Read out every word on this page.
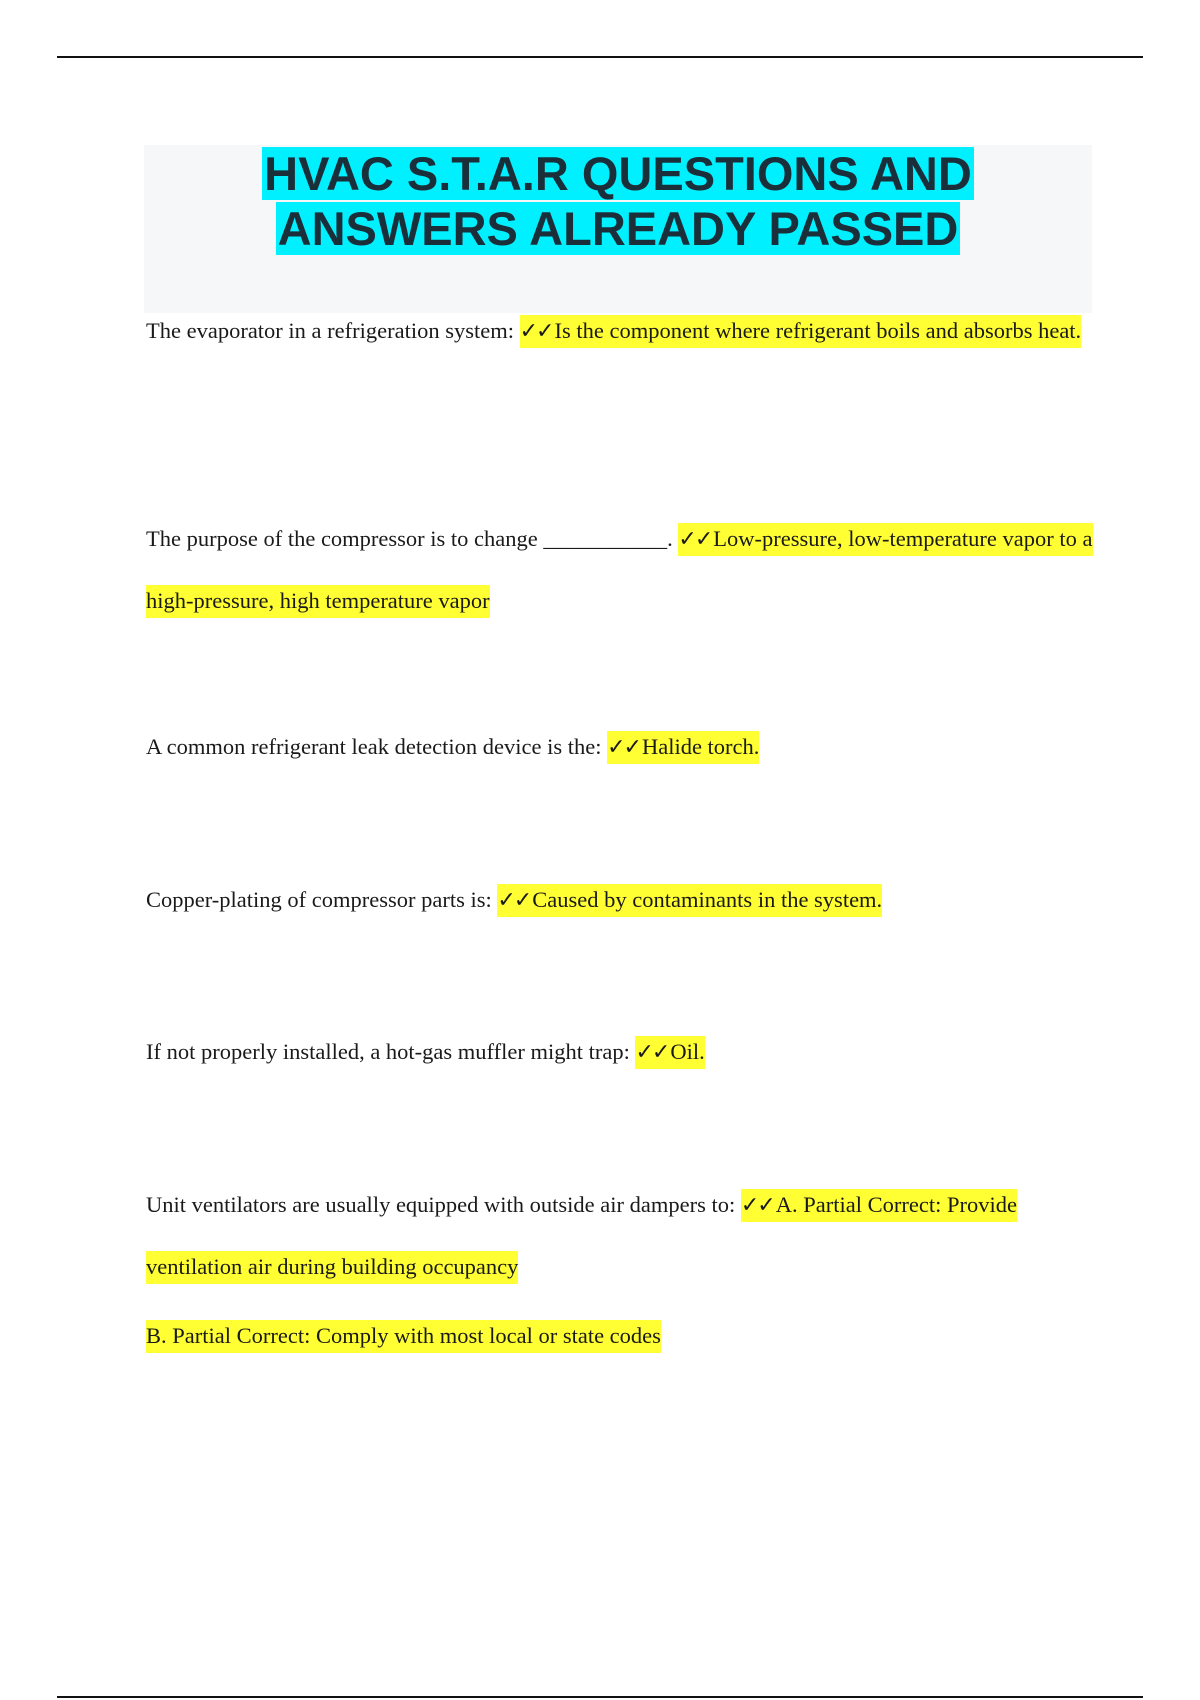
HVAC S.T.A.R QUESTIONS AND
ANSWERS ALREADY PASSED

The evaporator in a refrigeration system: ✓✓Is the component where refrigerant boils and absorbs heat.

The purpose of the compressor is to change ___________. ✓✓Low-pressure, low-temperature vapor to a high-pressure, high temperature vapor

A common refrigerant leak detection device is the: ✓✓Halide torch.

Copper-plating of compressor parts is: ✓✓Caused by contaminants in the system.

If not properly installed, a hot-gas muffler might trap: ✓✓Oil.

Unit ventilators are usually equipped with outside air dampers to: ✓✓A. Partial Correct: Provide ventilation air during building occupancy

B. Partial Correct: Comply with most local or state codes
